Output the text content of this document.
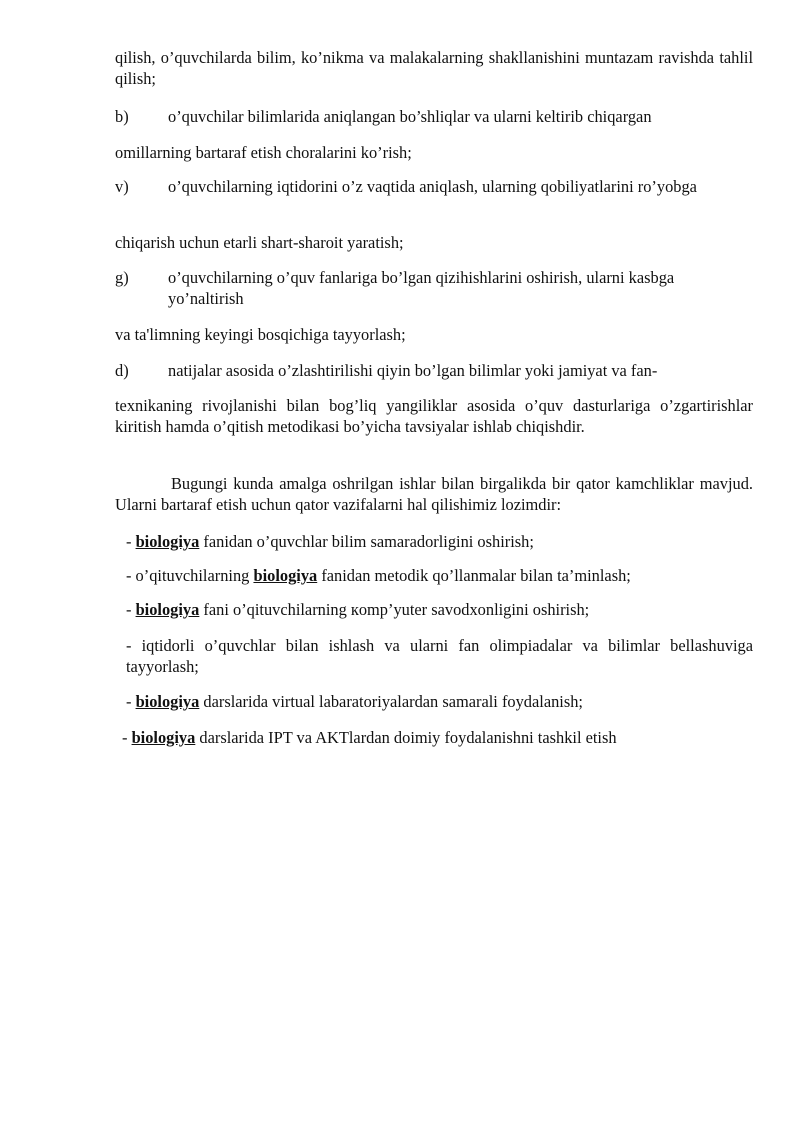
qilish, o’quvchilarda bilim, ko’nikma va malakalarning shakllanishini muntazam ravishda tahlil qilish;

b)	o’quvchilar bilimlarida aniqlangan bo’shliqlar va ularni keltirib chiqargan

omillarning bartaraf etish choralarini ko’rish;

v)	o’quvchilarning iqtidorini o’z vaqtida aniqlash, ularning qobiliyatlarini ro’yobga

chiqarish uchun etarli shart-sharoit yaratish;

g)	o’quvchilarning o’quv fanlariga bo’lgan qizihishlarini oshirish, ularni kasbga yo’naltirish

va ta'limning keyingi bosqichiga tayyorlash;

d)	natijalar asosida o’zlashtirilishi qiyin bo’lgan bilimlar yoki jamiyat va fan-

texnikaning rivojlanishi bilan bog’liq yangiliklar asosida o’quv dasturlariga o’zgartirishlar kiritish hamda o’qitish metodikasi bo’yicha tavsiyalar ishlab chiqishdir.

Bugungi kunda amalga oshrilgan ishlar bilan birgalikda bir qator kamchliklar mavjud. Ularni bartaraf etish uchun qator vazifalarni hal qilishimiz lozimdir:

- biologiya fanidan o’quvchlar bilim samaradorligini oshirish;

- o’qituvchilarning biologiya fanidan metodik qo’llanmalar bilan ta’minlash;

- biologiya fani o’qituvchilarning кomp’yuter savodxonligini oshirish;

- iqtidorli o’quvchlar bilan ishlash va ularni fan olimpiadalar va bilimlar bellashuviga tayyorlash;

- biologiya darslarida virtual labaratoriyalardan samarali foydalanish;

- biologiya darslarida IPT va AKTlardan doimiy foydalanishni tashkil etish
